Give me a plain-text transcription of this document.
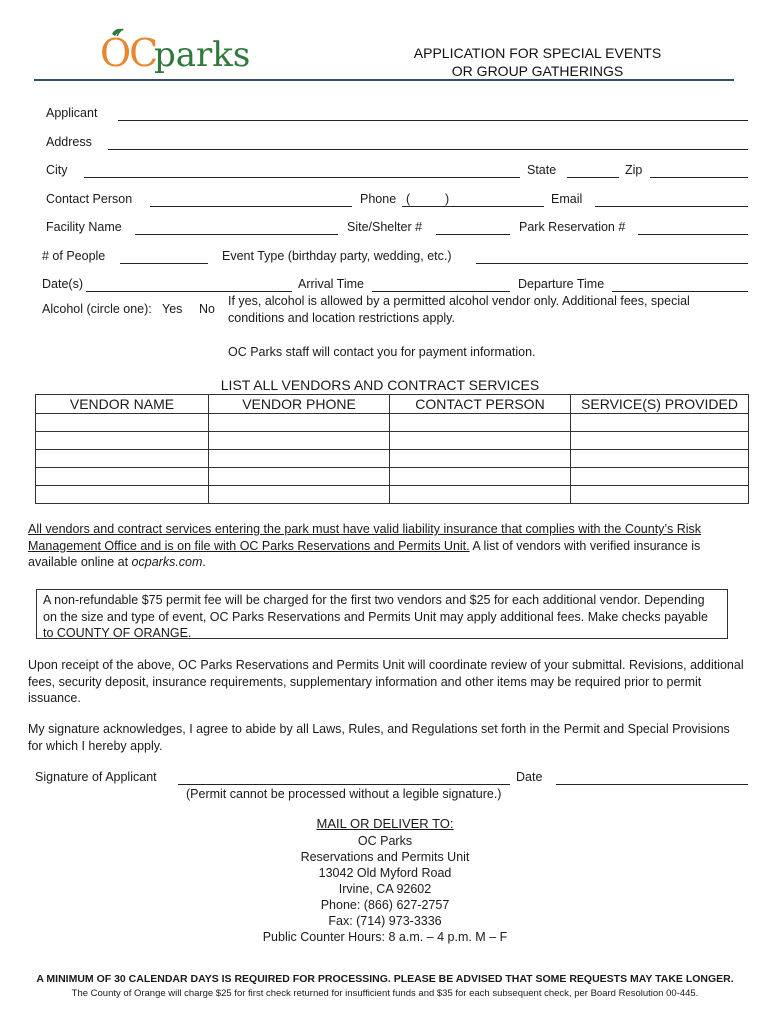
OC
parks	APPLICATION FOR SPECIAL EVENTS
OR GROUP GATHERINGS
Applicant
Address
City	State	Zip
Contact Person	Phone (	)	Email
Facility Name	Site/Shelter #	Park Reservation #
# of People	Event Type (birthday party, wedding, etc.)
Date(s)	Arrival Time	Departure Time
Alcohol (circle one): Yes No
If yes, alcohol is allowed by a permitted alcohol vendor only. Additional fees, special
conditions and location restrictions apply.
OC Parks staff will contact you for payment information.
LIST ALL VENDORS AND CONTRACT SERVICES
VENDOR NAME	VENDOR PHONE	CONTACT PERSON	SERVICE(S) PROVIDED

All vendors and contract services entering the park must have valid liability insurance that complies with the County’s Risk Management Office and is on file with OC Parks Reservations and Permits Unit. A list of vendors with verified insurance is available online at ocparks.com.
A non-refundable $75 permit fee will be charged for the first two vendors and $25 for each additional vendor. Depending on the size and type of event, OC Parks Reservations and Permits Unit may apply additional fees. Make checks payable to COUNTY OF ORANGE.
Upon receipt of the above, OC Parks Reservations and Permits Unit will coordinate review of your submittal. Revisions, additional fees, security deposit, insurance requirements, supplementary information and other items may be required prior to permit issuance.
My signature acknowledges, I agree to abide by all Laws, Rules, and Regulations set forth in the Permit and Special Provisions for which I hereby apply.
Signature of Applicant	Date
(Permit cannot be processed without a legible signature.)
MAIL OR DELIVER TO:
OC Parks
Reservations and Permits Unit
13042 Old Myford Road
Irvine, CA 92602
Phone: (866) 627-2757
Fax: (714) 973-3336
Public Counter Hours: 8 a.m. – 4 p.m. M – F
A MINIMUM OF 30 CALENDAR DAYS IS REQUIRED FOR PROCESSING. PLEASE BE ADVISED THAT SOME REQUESTS MAY TAKE LONGER.
The County of Orange will charge $25 for first check returned for insufficient funds and $35 for each subsequent check, per Board Resolution 00-445.
